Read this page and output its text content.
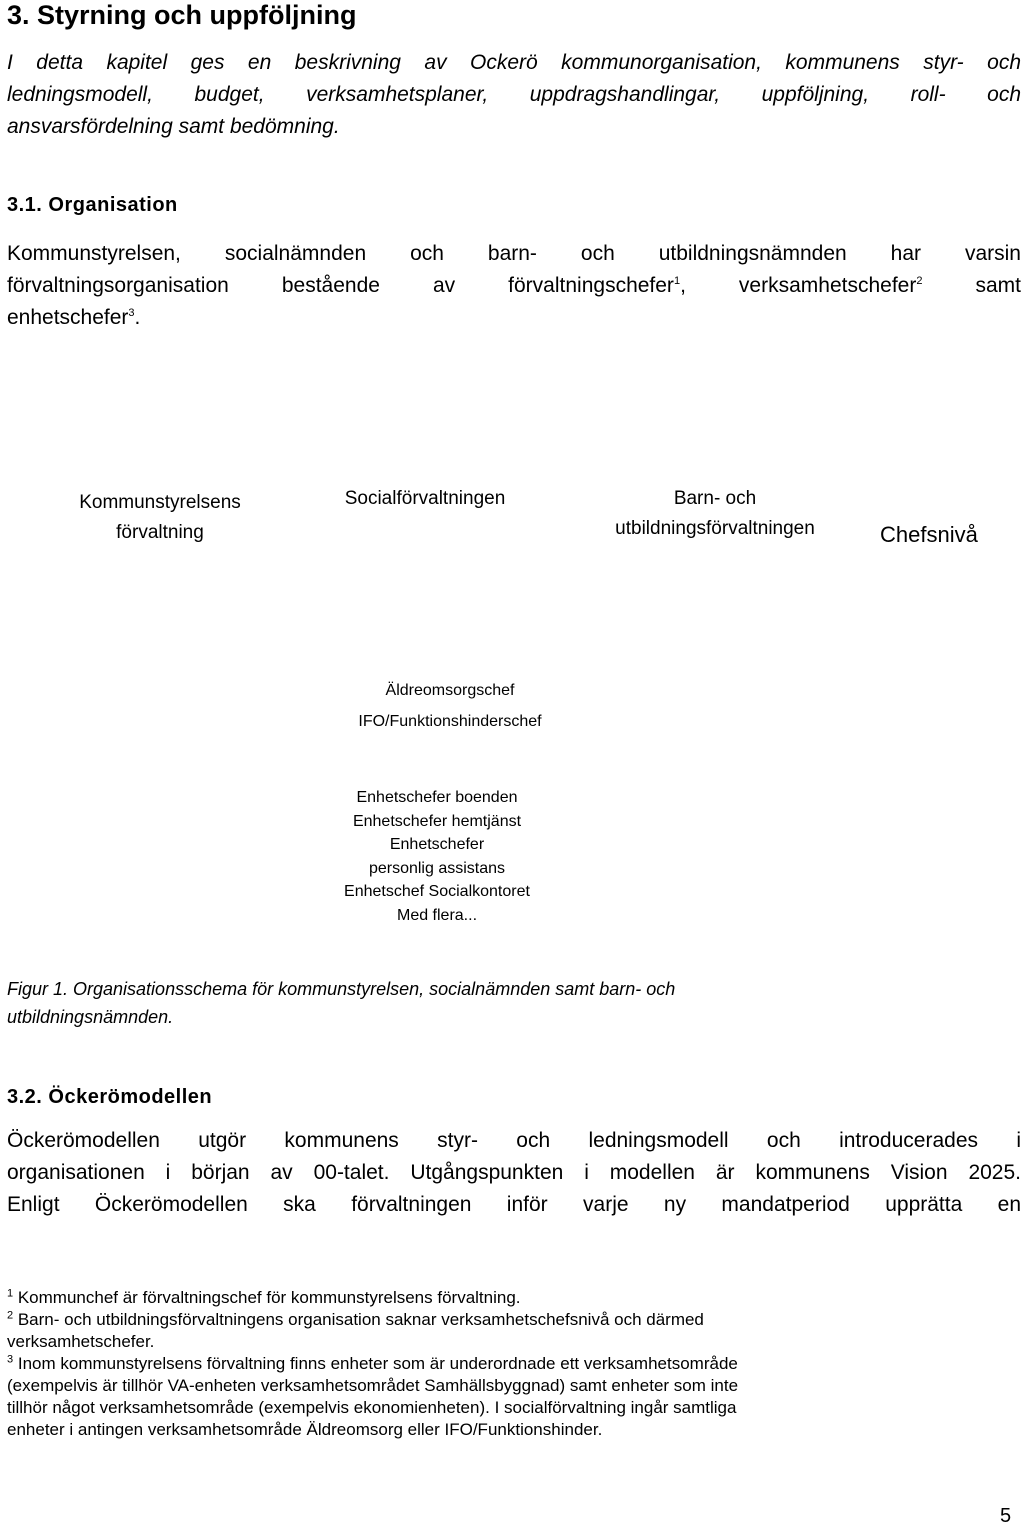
3. Styrning och uppföljning
I detta kapitel ges en beskrivning av Ockerö kommunorganisation, kommunens styr- och
ledningsmodell, budget, verksamhetsplaner, uppdragshandlingar, uppföljning, roll- och
ansvarsfördelning samt bedömning.
3.1. Organisation
Kommunstyrelsen, socialnämnden och barn- och utbildningsnämnden har varsin
förvaltningsorganisation bestående av förvaltningschefer$^1$, verksamhetschefer$^2$ samt
enhetschefer$^3$.
Kommunstyrelsens
förvaltning
Socialförvaltningen	Barn- och
utbildningsförvaltningen	Chefsnivå
Äldreomsorgschef
IFO/Funktionshinderschef
Enhetschefer boenden
Enhetschefer hemtjänst
Enhetschefer
personlig assistans
Enhetschef Socialkontoret
Med flera...
Figur 1. Organisationsschema för kommunstyrelsen, socialnämnden samt barn- och
utbildningsnämnden.
3.2. Öckerömodellen
Öckerömodellen utgör kommunens styr- och ledningsmodell och introducerades i
organisationen i början av 00-talet. Utgångspunkten i modellen är kommunens Vision 2025.
Enligt Öckerömodellen ska förvaltningen inför varje ny mandatperiod upprätta en

$^1$ Kommunchef är förvaltningschef för kommunstyrelsens förvaltning.

$^2$ Barn- och utbildningsförvaltningens organisation saknar verksamhetschefsnivå och därmed

verksamhetschefer.

$^3$ Inom kommunstyrelsens förvaltning finns enheter som är underordnade ett verksamhetsområde

(exempelvis är tillhör VA-enheten verksamhetsområdet Samhällsbyggnad) samt enheter som inte

tillhör något verksamhetsområde (exempelvis ekonomienheten). I socialförvaltning ingår samtliga

enheter i antingen verksamhetsområde Äldreomsorg eller IFO/Funktionshinder.

5
